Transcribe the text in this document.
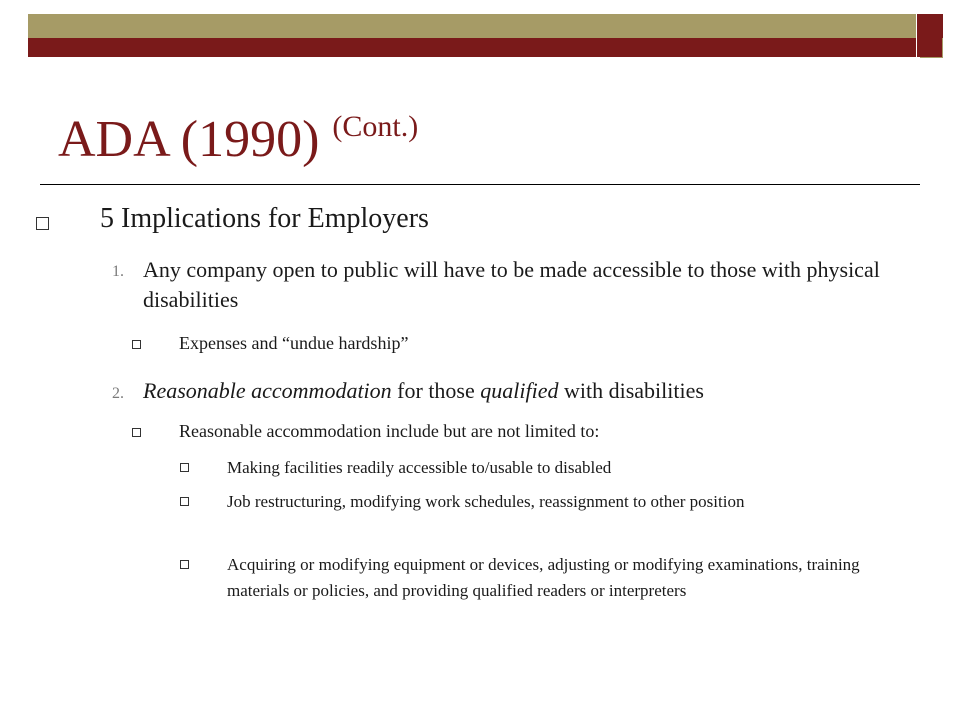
ADA (1990) $^{(Cont.)}$
5 Implications for Employers
1. Any company open to public will have to be made accessible to those with physical disabilities
Expenses and “undue hardship”
2. Reasonable accommodation for those qualified with disabilities
Reasonable accommodation include but are not limited to:
Making facilities readily accessible to/usable to disabled
Job restructuring, modifying work schedules, reassignment to other position
Acquiring or modifying equipment or devices, adjusting or modifying examinations, training materials or policies, and providing qualified readers or interpreters
